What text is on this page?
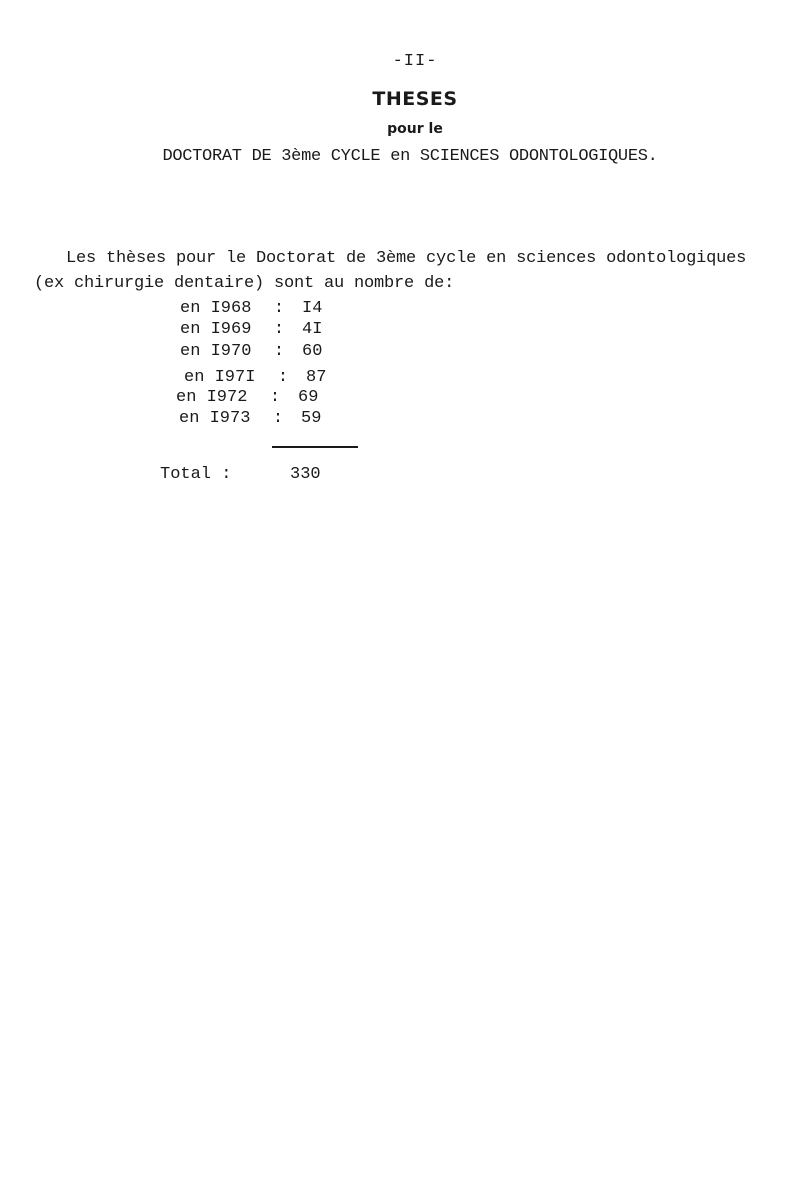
-II-
THESES
pour le
DOCTORAT DE 3ème CYCLE en SCIENCES ODONTOLOGIQUES.
Les thèses pour le Doctorat de 3ème cycle en sciences odontologiques
(ex chirurgie dentaire) sont au nombre de:
en I968	: I4
en I969	: 4I
en I970	: 60
en I97I	: 87
en I972	: 69
en I973	: 59
Total :	330
